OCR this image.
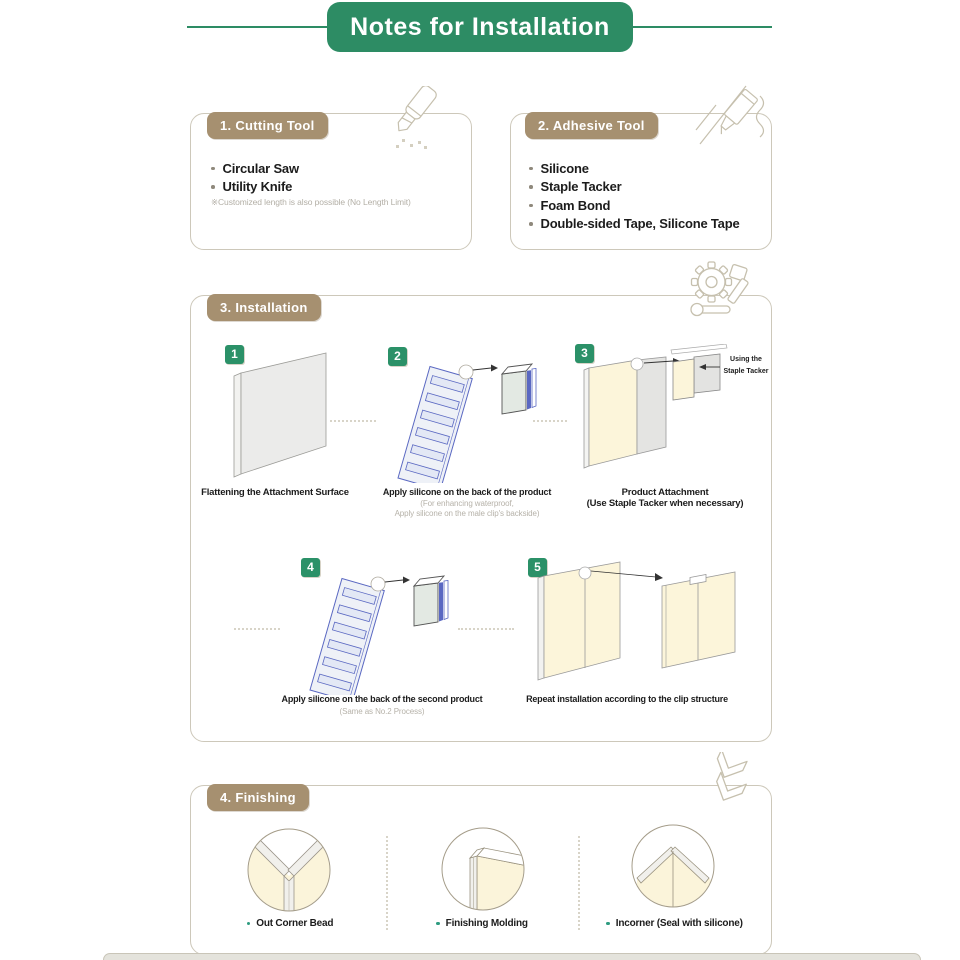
Notes for Installation
1. Cutting Tool
Circular Saw
Utility Knife
※Customized length is also possible (No Length Limit)
2. Adhesive Tool
Silicone
Staple Tacker
Foam Bond
Double-sided Tape, Silicone Tape
3. Installation
1
Flattening the Attachment Surface
2
Apply silicone on the back of the product
(For enhancing waterproof,
Apply silicone on the male clip's backside)
3	Using the
Staple Tacker
Product Attachment
(Use Staple Tacker when necessary)
4
Apply silicone on the back of the second product
(Same as No.2 Process)
5
Repeat installation according to the clip structure
4. Finishing
Out Corner Bead	Finishing Molding	Incorner (Seal with silicone)
